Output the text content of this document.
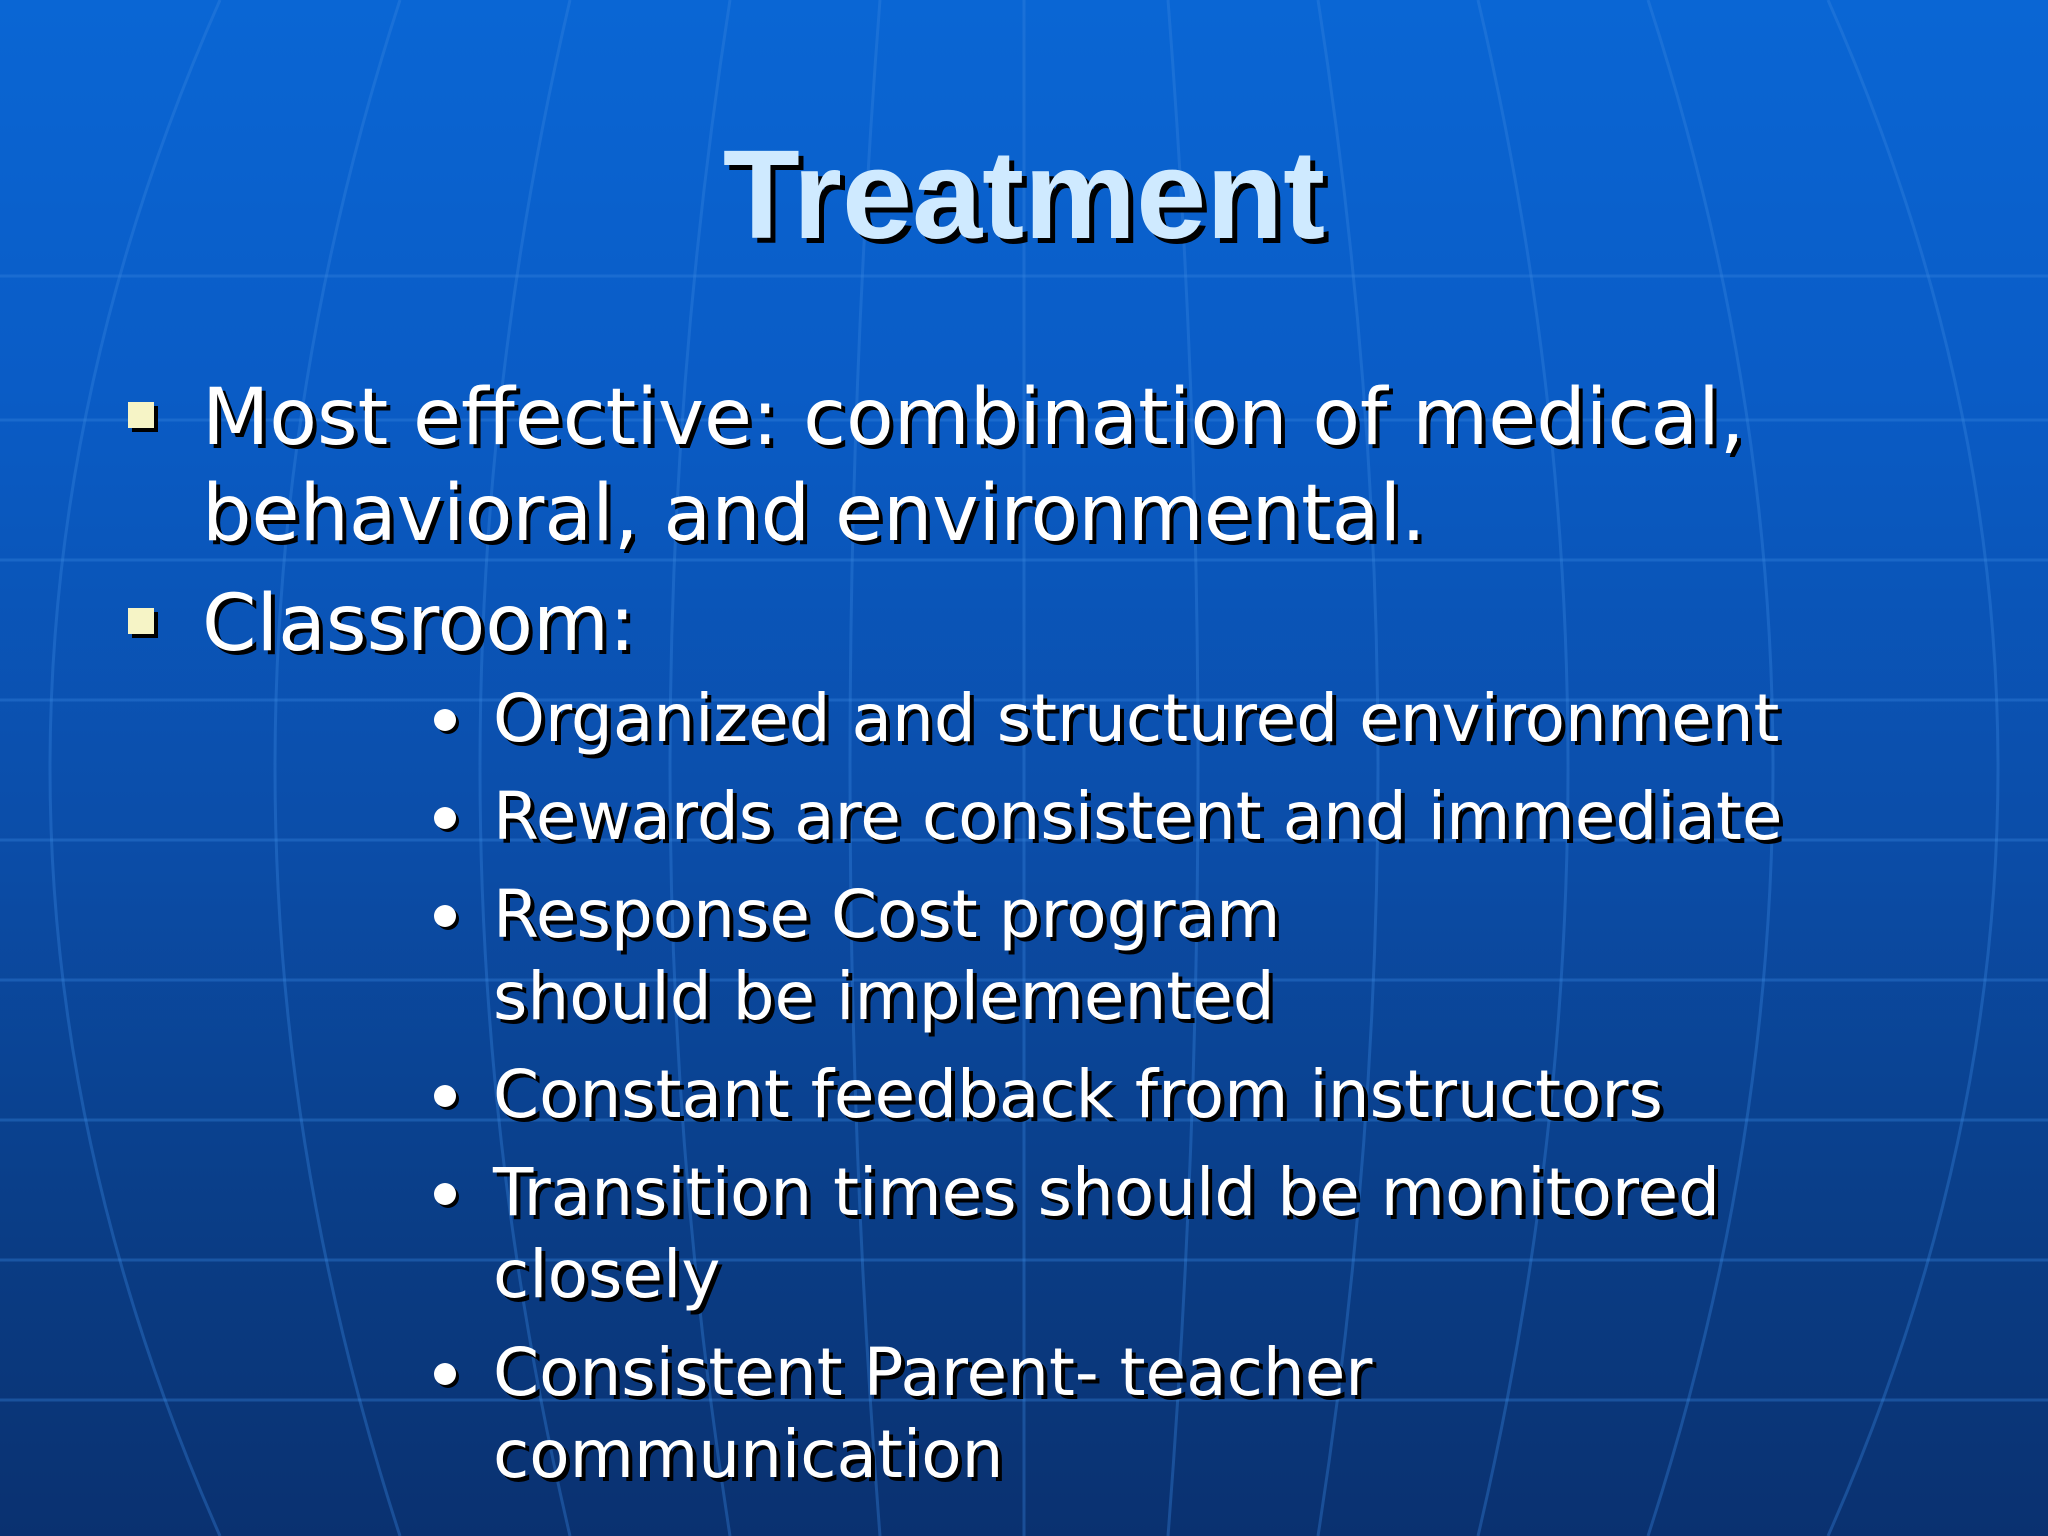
Treatment
Most effective: combination of medical, behavioral, and environmental.
Classroom:
Organized and structured environment
Rewards are consistent and immediate
Response Cost program should be implemented
Constant feedback from instructors
Transition times should be monitored closely
Consistent Parent- teacher communication
